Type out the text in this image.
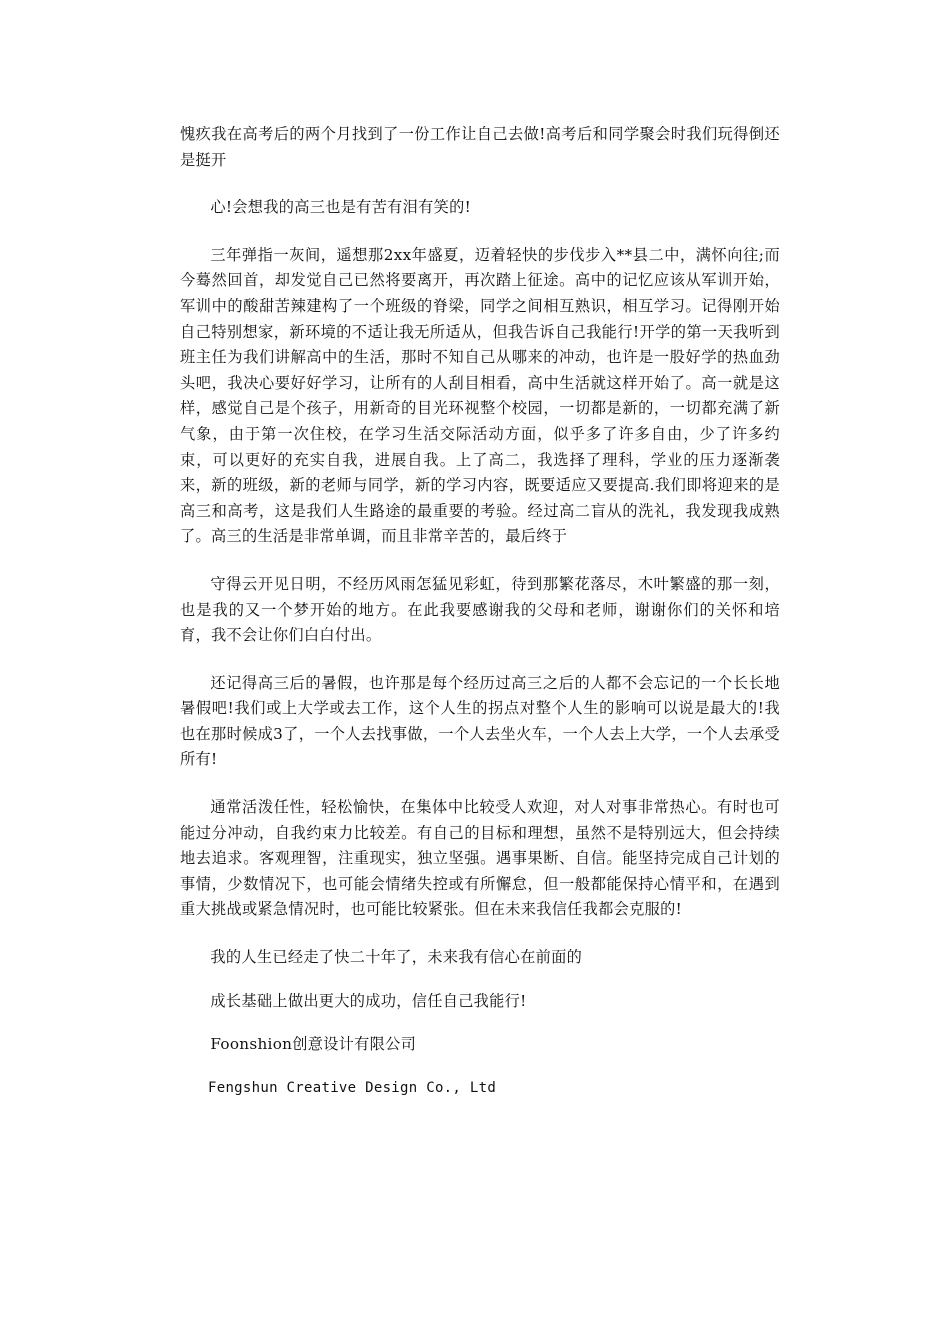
愧疚我在高考后的两个月找到了一份工作让自己去做!高考后和同学聚会时我们玩得倒还是挺开

心!会想我的高三也是有苦有泪有笑的!

三年弹指一灰间，遥想那2xx年盛夏，迈着轻快的步伐步入**县二中，满怀向往;而今蓦然回首，却发觉自己已然将要离开，再次踏上征途。高中的记忆应该从军训开始，军训中的酸甜苦辣建构了一个班级的脊梁，同学之间相互熟识，相互学习。记得刚开始自己特别想家，新环境的不适让我无所适从，但我告诉自己我能行!开学的第一天我听到班主任为我们讲解高中的生活，那时不知自己从哪来的冲动，也许是一股好学的热血劲头吧，我决心要好好学习，让所有的人刮目相看，高中生活就这样开始了。高一就是这样，感觉自己是个孩子，用新奇的目光环视整个校园，一切都是新的，一切都充满了新气象，由于第一次住校，在学习生活交际活动方面，似乎多了许多自由，少了许多约束，可以更好的充实自我，进展自我。上了高二，我选择了理科，学业的压力逐渐袭来，新的班级，新的老师与同学，新的学习内容，既要适应又要提高.我们即将迎来的是高三和高考，这是我们人生路途的最重要的考验。经过高二盲从的洗礼，我发现我成熟了。高三的生活是非常单调，而且非常辛苦的，最后终于

守得云开见日明，不经历风雨怎猛见彩虹，待到那繁花落尽，木叶繁盛的那一刻，也是我的又一个梦开始的地方。在此我要感谢我的父母和老师，谢谢你们的关怀和培育，我不会让你们白白付出。

还记得高三后的暑假，也许那是每个经历过高三之后的人都不会忘记的一个长长地暑假吧!我们或上大学或去工作，这个人生的拐点对整个人生的影响可以说是最大的!我也在那时候成3了，一个人去找事做，一个人去坐火车，一个人去上大学，一个人去承受所有!

通常活泼任性，轻松愉快，在集体中比较受人欢迎，对人对事非常热心。有时也可能过分冲动，自我约束力比较差。有自己的目标和理想，虽然不是特别远大，但会持续地去追求。客观理智，注重现实，独立坚强。遇事果断、自信。能坚持完成自己计划的事情，少数情况下，也可能会情绪失控或有所懈怠，但一般都能保持心情平和，在遇到重大挑战或紧急情况时，也可能比较紧张。但在未来我信任我都会克服的!

我的人生已经走了快二十年了，未来我有信心在前面的

成长基础上做出更大的成功，信任自己我能行!

Foonshion创意设计有限公司

Fengshun Creative Design Co., Ltd
